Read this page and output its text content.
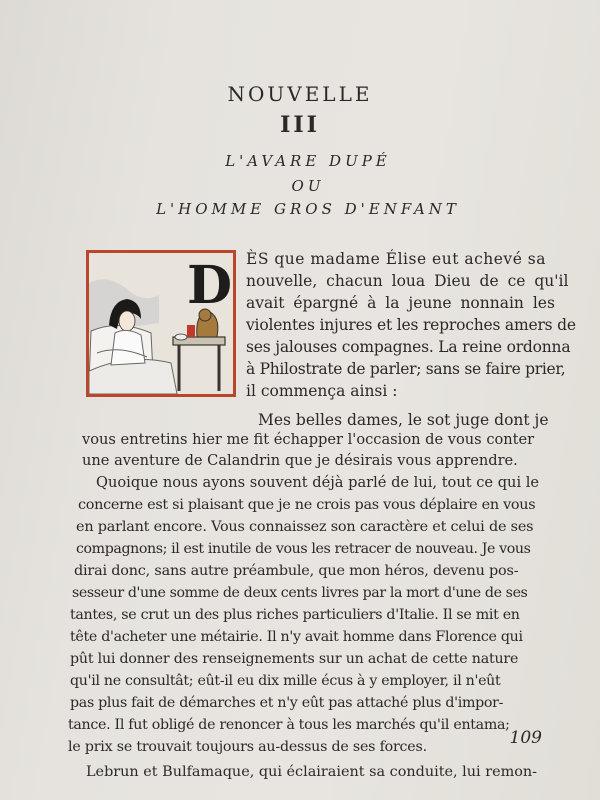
NOUVELLE
III
L'AVARE DUPÉ
OU
L'HOMME GROS D'ENFANT
D ÈS que madame Élise eut achevé sa
nouvelle, chacun loua Dieu de ce qu'il
avait épargné à la jeune nonnain les
violentes injures et les reproches amers de
ses jalouses compagnes. La reine ordonna
à Philostrate de parler; sans se faire prier,
il commença ainsi :
Mes belles dames, le sot juge dont je
vous entretins hier me fit échapper l'occasion de vous conter
une aventure de Calandrin que je désirais vous apprendre.
Quoique nous ayons souvent déjà parlé de lui, tout ce qui le
concerne est si plaisant que je ne crois pas vous déplaire en vous
en parlant encore. Vous connaissez son caractère et celui de ses
compagnons; il est inutile de vous les retracer de nouveau. Je vous
dirai donc, sans autre préambule, que mon héros, devenu pos-
sesseur d'une somme de deux cents livres par la mort d'une de ses
tantes, se crut un des plus riches particuliers d'Italie. Il se mit en
tête d'acheter une métairie. Il n'y avait homme dans Florence qui
pût lui donner des renseignements sur un achat de cette nature
qu'il ne consultât; eût-il eu dix mille écus à y employer, il n'eût
pas plus fait de démarches et n'y eût pas attaché plus d'impor-
tance. Il fut obligé de renoncer à tous les marchés qu'il entama;
le prix se trouvait toujours au-dessus de ses forces.
Lebrun et Bulfamaque, qui éclairaient sa conduite, lui remon-
109
